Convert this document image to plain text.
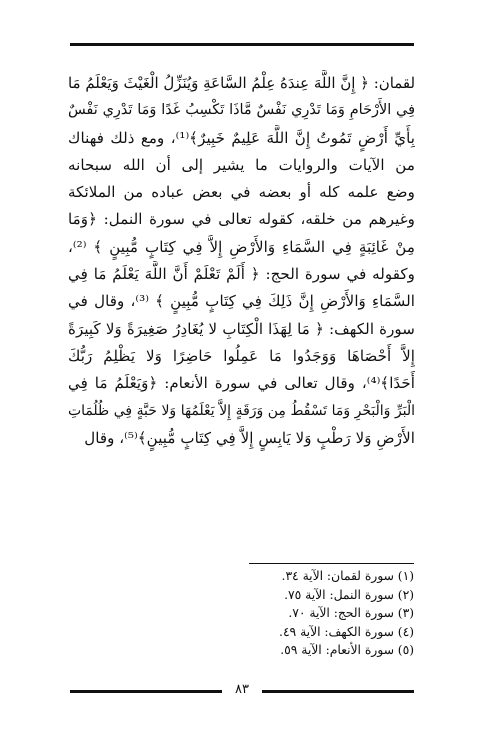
لقمان: ﴿ إِنَّ اللَّهَ عِندَهُ عِلْمُ السَّاعَةِ وَيُنَزِّلُ الْغَيْثَ وَيَعْلَمُ مَا
فِي الأَرْحَامِ وَمَا تَدْرِي نَفْسٌ مَّاذَا تَكْسِبُ غَدًا وَمَا تَدْرِي نَفْسٌ
بِأَيِّ أَرْضٍ تَمُوتُ إِنَّ اللَّهَ عَلِيمٌ خَبِيرٌ﴾⁽¹⁾، ومع ذلك فهناك
من الآيات والروايات ما يشير إلى أن الله سبحانه
وضع علمه كله أو بعضه في بعض عباده من الملائكة
وغيرهم من خلقه، كقوله تعالى في سورة النمل: ﴿وَمَا
مِنْ غَائِبَةٍ فِي السَّمَاءِ وَالأَرْضِ إِلاَّ فِي كِتَابٍ مُّبِينٍ ﴾ ⁽²⁾،
وكقوله في سورة الحج: ﴿ أَلَمْ تَعْلَمْ أَنَّ اللَّهَ يَعْلَمُ مَا فِي
السَّمَاءِ وَالأَرْضِ إِنَّ ذَلِكَ فِي كِتَابٍ مُّبِينٍ ﴾ ⁽³⁾، وقال في
سورة الكهف: ﴿ مَا لِهَذَا الْكِتَابِ لا يُغَادِرُ صَغِيرَةً وَلا كَبِيرَةً
إِلاَّ أَحْصَاهَا وَوَجَدُوا مَا عَمِلُوا حَاضِرًا وَلا يَظْلِمُ رَبُّكَ
أَحَدًا﴾⁽⁴⁾، وقال تعالى في سورة الأنعام: ﴿وَيَعْلَمُ مَا فِي
الْبَرِّ وَالْبَحْرِ وَمَا تَسْقُطُ مِن وَرَقَةٍ إِلاَّ يَعْلَمُهَا وَلا حَبَّةٍ فِي ظُلُمَاتِ
الأَرْضِ وَلا رَطْبٍ وَلا يَابِسٍ إِلاَّ فِي كِتَابٍ مُّبِينٍ﴾⁽⁵⁾، وقال
(١) سورة لقمان: الآية ٣٤.
(٢) سورة النمل: الآية ٧٥.
(٣) سورة الحج: الآية ٧٠.
(٤) سورة الكهف: الآية ٤٩.
(٥) سورة الأنعام: الآية ٥٩.
٨٣
